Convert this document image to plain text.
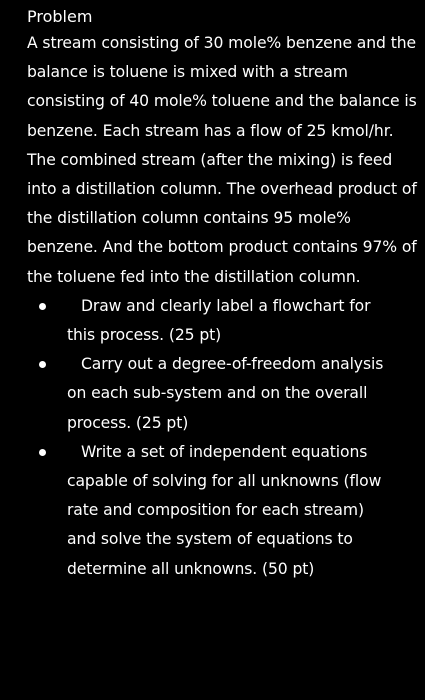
Problem

A stream consisting of 30 mole% benzene and the balance is toluene is mixed with a stream consisting of 40 mole% toluene and the balance is benzene. Each stream has a flow of 25 kmol/hr. The combined stream (after the mixing) is feed into a distillation column. The overhead product of the distillation column contains 95 mole% benzene. And the bottom product contains 97% of the toluene fed into the distillation column.

Draw and clearly label a flowchart for this process. (25 pt)
Carry out a degree-of-freedom analysis on each sub-system and on the overall process. (25 pt)
Write a set of independent equations capable of solving for all unknowns (flow rate and composition for each stream) and solve the system of equations to determine all unknowns. (50 pt)
